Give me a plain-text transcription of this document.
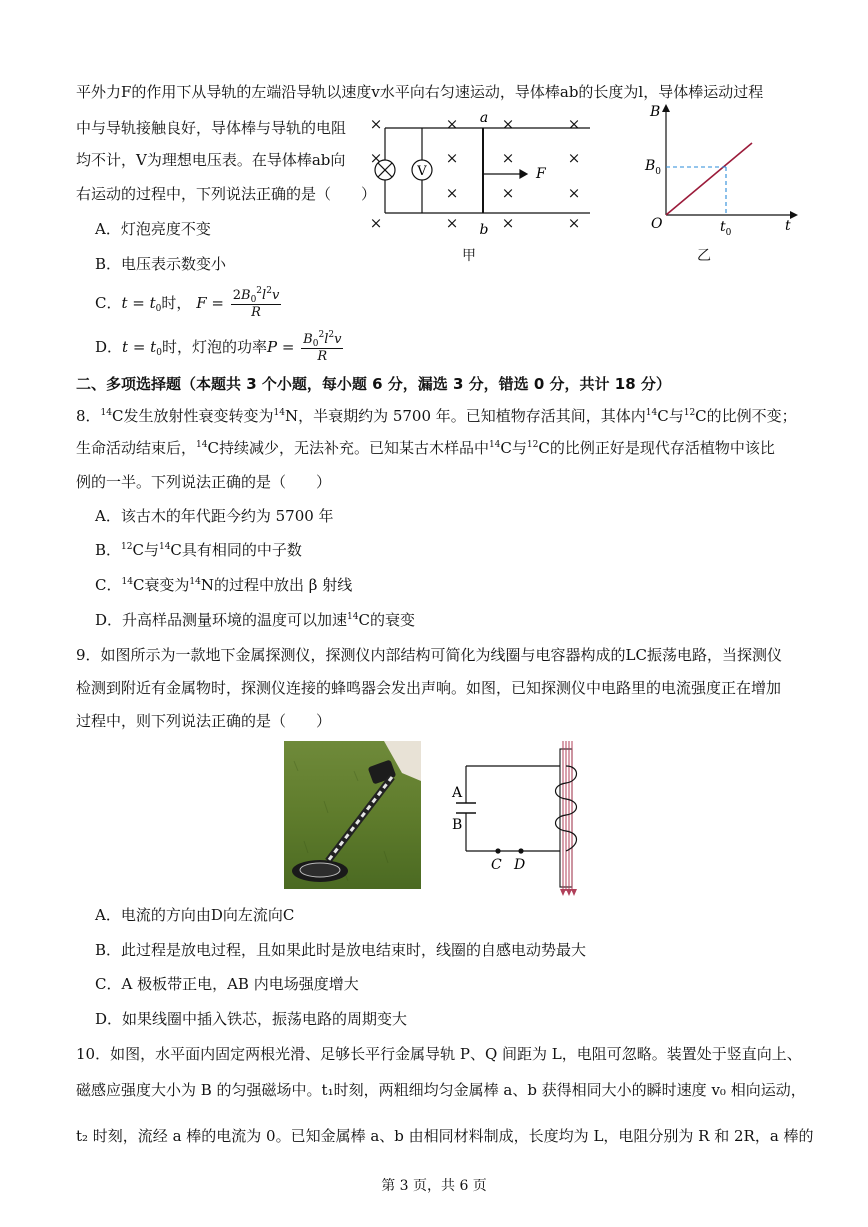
平外力F的作用下从导轨的左端沿导轨以速度v水平向右匀速运动，导体棒ab的长度为l，导体棒运动过程
中与导轨接触良好，导体棒与导轨的电阻
均不计，V为理想电压表。在导体棒ab向
右运动的过程中，下列说法正确的是（　　）
A．灯泡亮度不变
B．电压表示数变小
C．$t = t_0$时， $F = \frac{2B_0^2l^2v}{R}$
D．$t = t_0$时，灯泡的功率$P = \frac{B_0^2l^2v}{R}$
V
×	×	×	×
×	×	×	×
×	×	×
×	×	×	×
a
b
F
甲
B
$B_0$
O	$t_0$	t
乙
二、多项选择题（本题共 3 个小题，每小题 6 分，漏选 3 分，错选 0 分，共计 18 分）
8．$^{14}$C发生放射性衰变转变为$^{14}$N，半衰期约为 5700 年。已知植物存活其间，其体内$^{14}$C与$^{12}$C的比例不变；
生命活动结束后，$^{14}$C持续减少，无法补充。已知某古木样品中$^{14}$C与$^{12}$C的比例正好是现代存活植物中该比
例的一半。下列说法正确的是（　　）
A．该古木的年代距今约为 5700 年
B．$^{12}$C与$^{14}$C具有相同的中子数
C．$^{14}$C衰变为$^{14}$N的过程中放出 β 射线
D．升高样品测量环境的温度可以加速$^{14}$C的衰变
9．如图所示为一款地下金属探测仪，探测仪内部结构可简化为线圈与电容器构成的LC振荡电路，当探测仪
检测到附近有金属物时，探测仪连接的蜂鸣器会发出声响。如图，已知探测仪中电路里的电流强度正在增加
过程中，则下列说法正确的是（　　）
A
B
C D
A．电流的方向由D向左流向C
B．此过程是放电过程，且如果此时是放电结束时，线圈的自感电动势最大
C．A 极板带正电，AB 内电场强度增大
D．如果线圈中插入铁芯，振荡电路的周期变大
10．如图，水平面内固定两根光滑、足够长平行金属导轨 P、Q 间距为 L，电阻可忽略。装置处于竖直向上、
磁感应强度大小为 B 的匀强磁场中。t₁时刻，两粗细均匀金属棒 a、b 获得相同大小的瞬时速度 v₀ 相向运动，
t₂ 时刻，流经 a 棒的电流为 0。已知金属棒 a、b 由相同材料制成，长度均为 L，电阻分别为 R 和 2R，a 棒的
第 3 页，共 6 页
